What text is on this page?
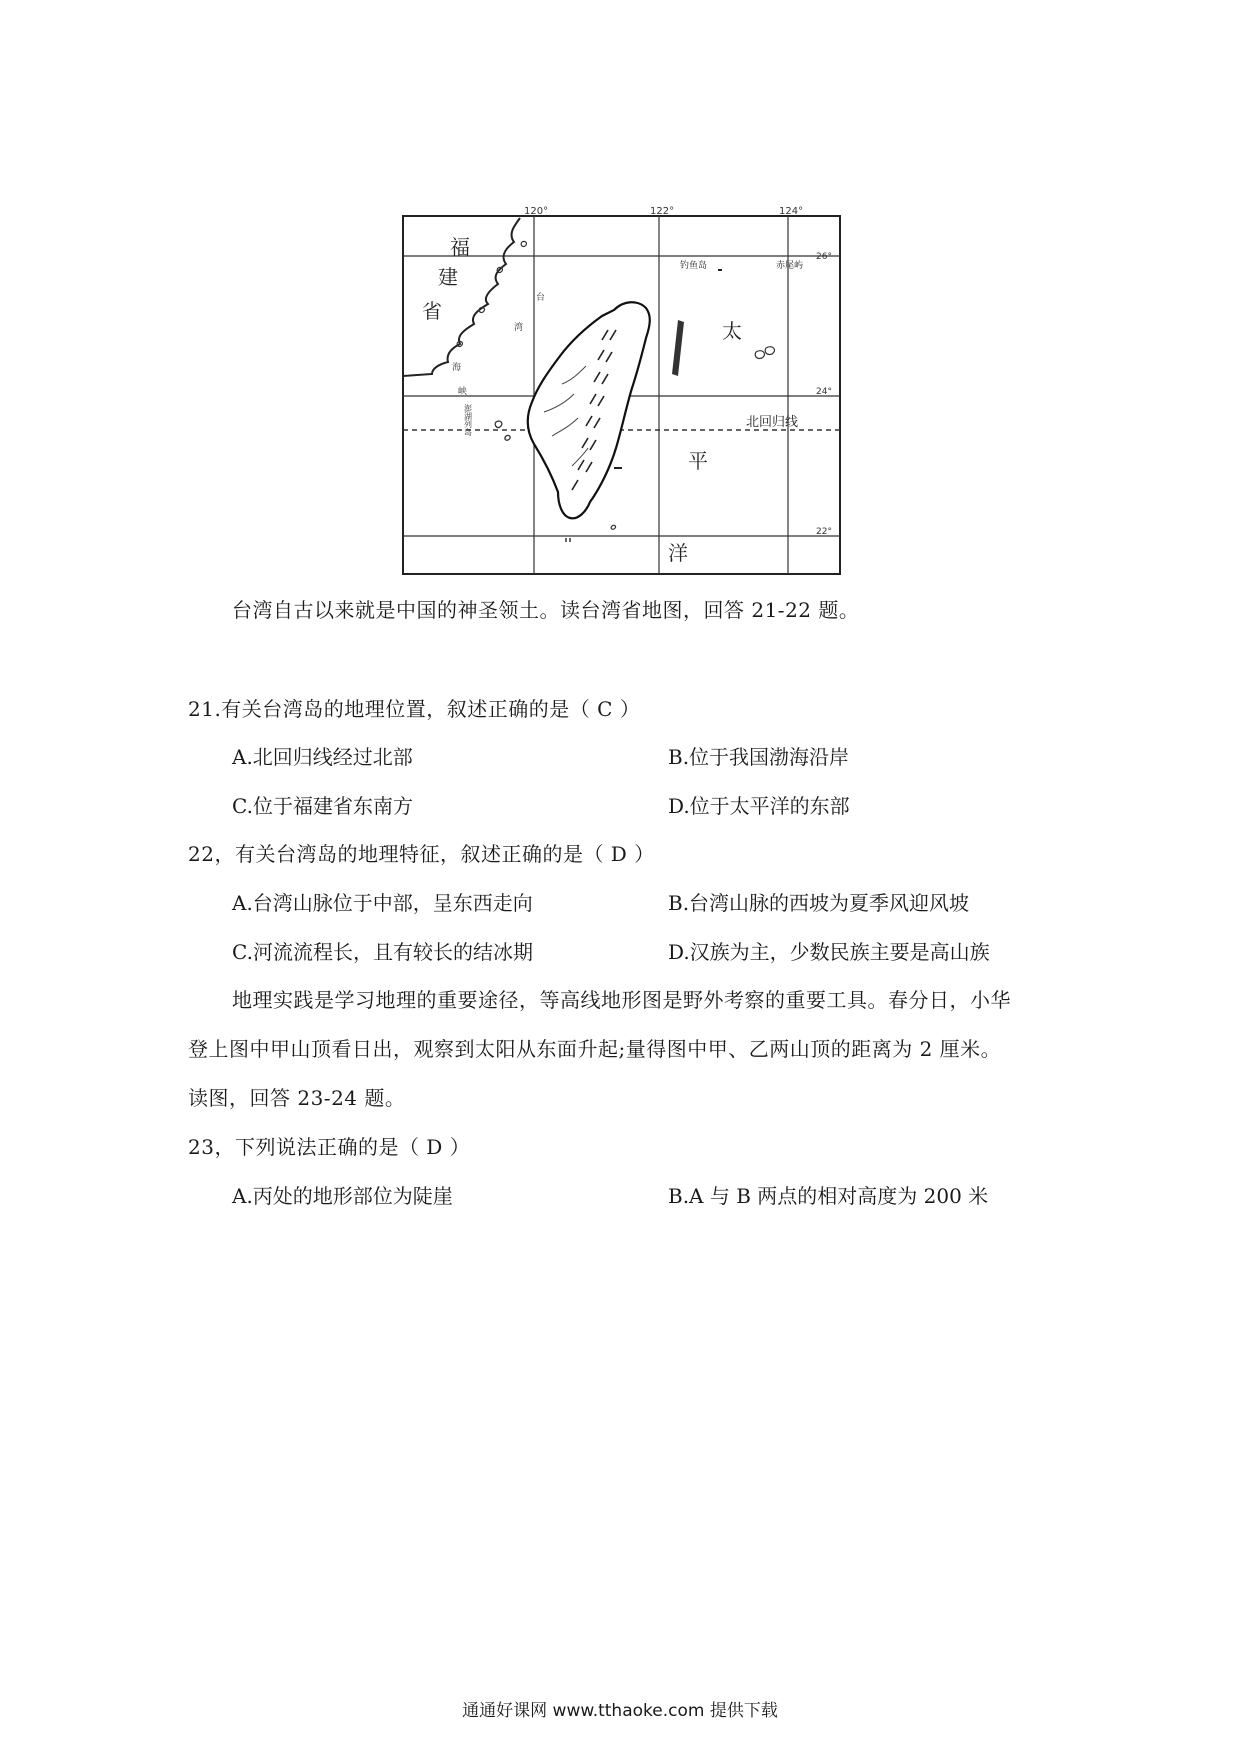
120°	122°	124°
26°
24°
22°
福
建
省
台
湾
海
峡
澎湖列岛
钓鱼岛	赤尾屿
太
平
洋
北回归线
台湾自古以来就是中国的神圣领土。读台湾省地图，回答 21-22 题。
21.有关台湾岛的地理位置，叙述正确的是（ C ）
A.北回归线经过北部	B.位于我国渤海沿岸
C.位于福建省东南方	D.位于太平洋的东部
22，有关台湾岛的地理特征，叙述正确的是（ D ）
A.台湾山脉位于中部，呈东西走向	B.台湾山脉的西坡为夏季风迎风坡
C.河流流程长，且有较长的结冰期	D.汉族为主，少数民族主要是高山族
地理实践是学习地理的重要途径，等高线地形图是野外考察的重要工具。春分日，小华
登上图中甲山顶看日出，观察到太阳从东面升起;量得图中甲、乙两山顶的距离为 2 厘米。
读图，回答 23-24 题。
23，下列说法正确的是（ D ）
A.丙处的地形部位为陡崖	B.A 与 B 两点的相对高度为 200 米
通通好课网 www.tthaoke.com 提供下载
